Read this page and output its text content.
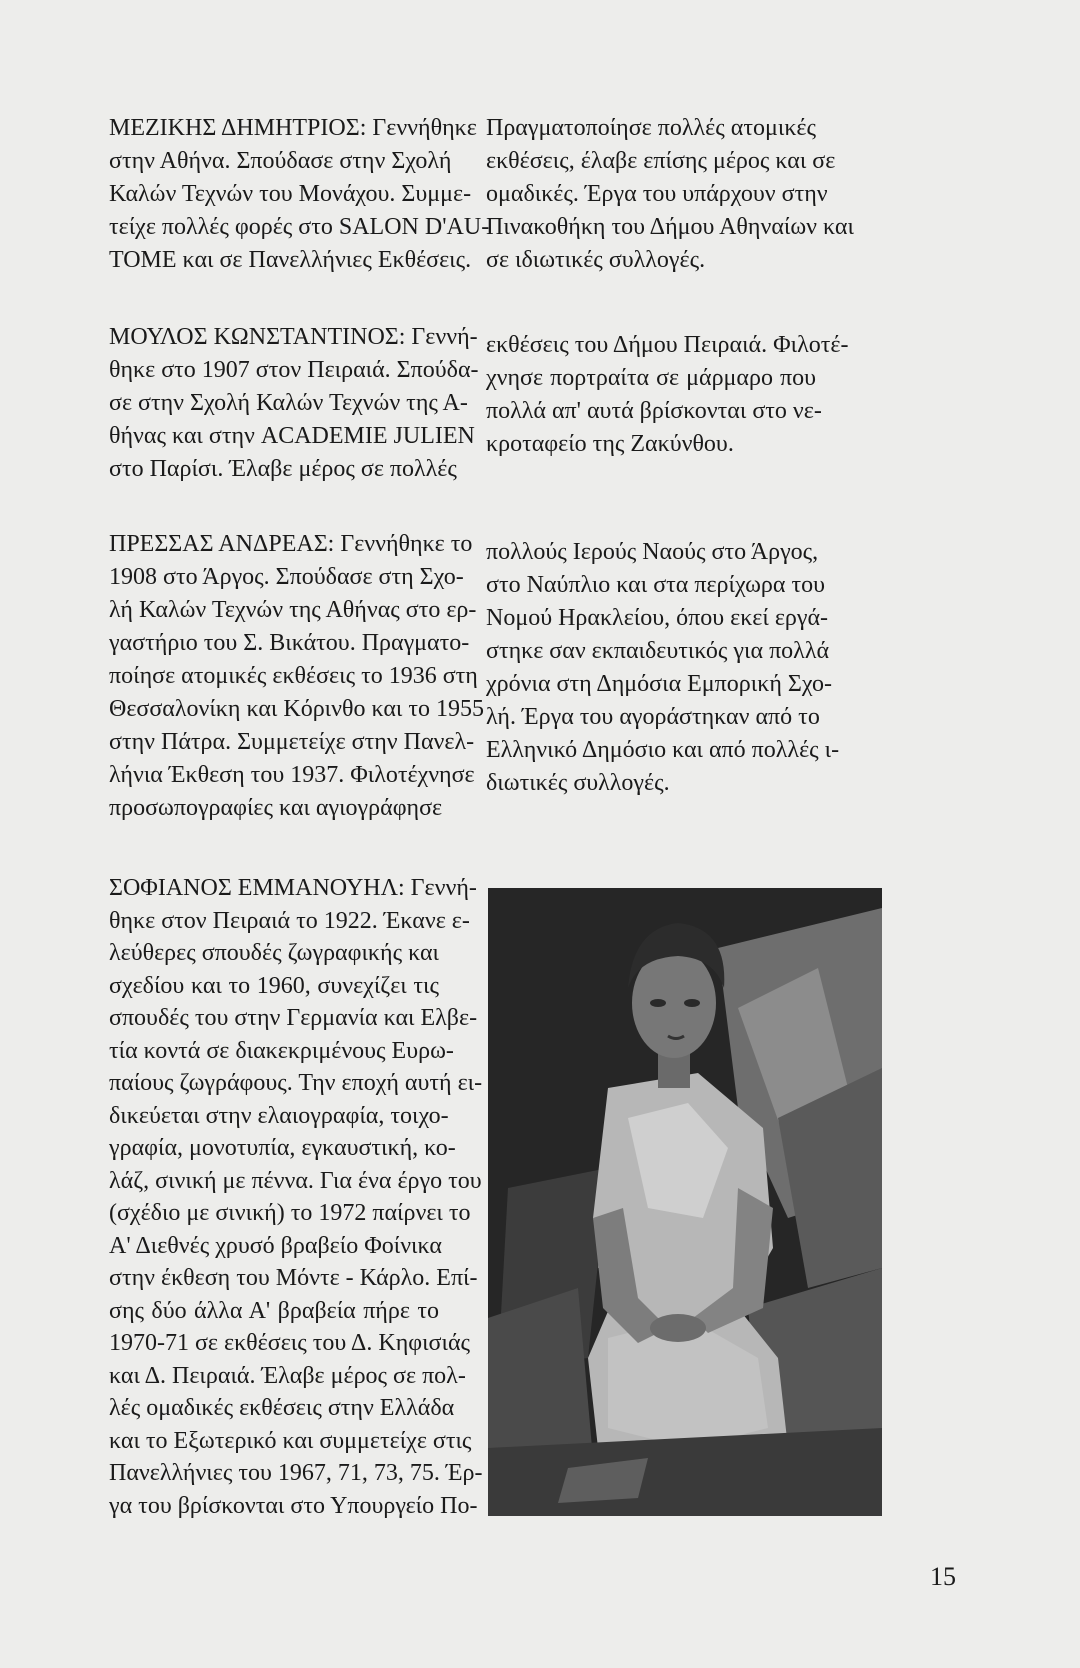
ΜΕΖΙΚΗΣ ΔΗΜΗΤΡΙΟΣ: Γεννήθηκε
στην Αθήνα. Σπούδασε στην Σχολή
Καλών Τεχνών του Μονάχου. Συμμε-
τείχε πολλές φορές στο SALON D'AU-
TOME και σε Πανελλήνιες Εκθέσεις.
Πραγματοποίησε πολλές ατομικές
εκθέσεις, έλαβε επίσης μέρος και σε
ομαδικές. Έργα του υπάρχουν στην
Πινακοθήκη του Δήμου Αθηναίων και
σε ιδιωτικές συλλογές.
ΜΟΥΛΟΣ ΚΩΝΣΤΑΝΤΙΝΟΣ: Γεννή-
θηκε στο 1907 στον Πειραιά. Σπούδα-
σε στην Σχολή Καλών Τεχνών της Α-
θήνας και στην ACADEMIE JULIEN
στο Παρίσι. Έλαβε μέρος σε πολλές
εκθέσεις του Δήμου Πειραιά. Φιλοτέ-
χνησε πορτραίτα σε μάρμαρο που
πολλά απ' αυτά βρίσκονται στο νε-
κροταφείο της Ζακύνθου.
ΠΡΕΣΣΑΣ ΑΝΔΡΕΑΣ: Γεννήθηκε το
1908 στο Άργος. Σπούδασε στη Σχο-
λή Καλών Τεχνών της Αθήνας στο ερ-
γαστήριο του Σ. Βικάτου. Πραγματο-
ποίησε ατομικές εκθέσεις το 1936 στη
Θεσσαλονίκη και Κόρινθο και το 1955
στην Πάτρα. Συμμετείχε στην Πανελ-
λήνια Έκθεση του 1937. Φιλοτέχνησε
προσωπογραφίες και αγιογράφησε
πολλούς Ιερούς Ναούς στο Άργος,
στο Ναύπλιο και στα περίχωρα του
Νομού Ηρακλείου, όπου εκεί εργά-
στηκε σαν εκπαιδευτικός για πολλά
χρόνια στη Δημόσια Εμπορική Σχο-
λή. Έργα του αγοράστηκαν από το
Ελληνικό Δημόσιο και από πολλές ι-
διωτικές συλλογές.
ΣΟΦΙΑΝΟΣ ΕΜΜΑΝΟΥΗΛ: Γεννή-
θηκε στον Πειραιά το 1922. Έκανε ε-
λεύθερες σπουδές ζωγραφικής και
σχεδίου και το 1960, συνεχίζει τις
σπουδές του στην Γερμανία και Ελβε-
τία κοντά σε διακεκριμένους Ευρω-
παίους ζωγράφους. Την εποχή αυτή ει-
δικεύεται στην ελαιογραφία, τοιχο-
γραφία, μονοτυπία, εγκαυστική, κο-
λάζ, σινική με πέννα. Για ένα έργο του
(σχέδιο με σινική) το 1972 παίρνει το
Α' Διεθνές χρυσό βραβείο Φοίνικα
στην έκθεση του Μόντε - Κάρλο. Επί-
σης δύο άλλα Α' βραβεία πήρε το
1970-71 σε εκθέσεις του Δ. Κηφισιάς
και Δ. Πειραιά. Έλαβε μέρος σε πολ-
λές ομαδικές εκθέσεις στην Ελλάδα
και το Εξωτερικό και συμμετείχε στις
Πανελλήνιες του 1967, 71, 73, 75. Έρ-
γα του βρίσκονται στο Υπουργείο Πο-
15
